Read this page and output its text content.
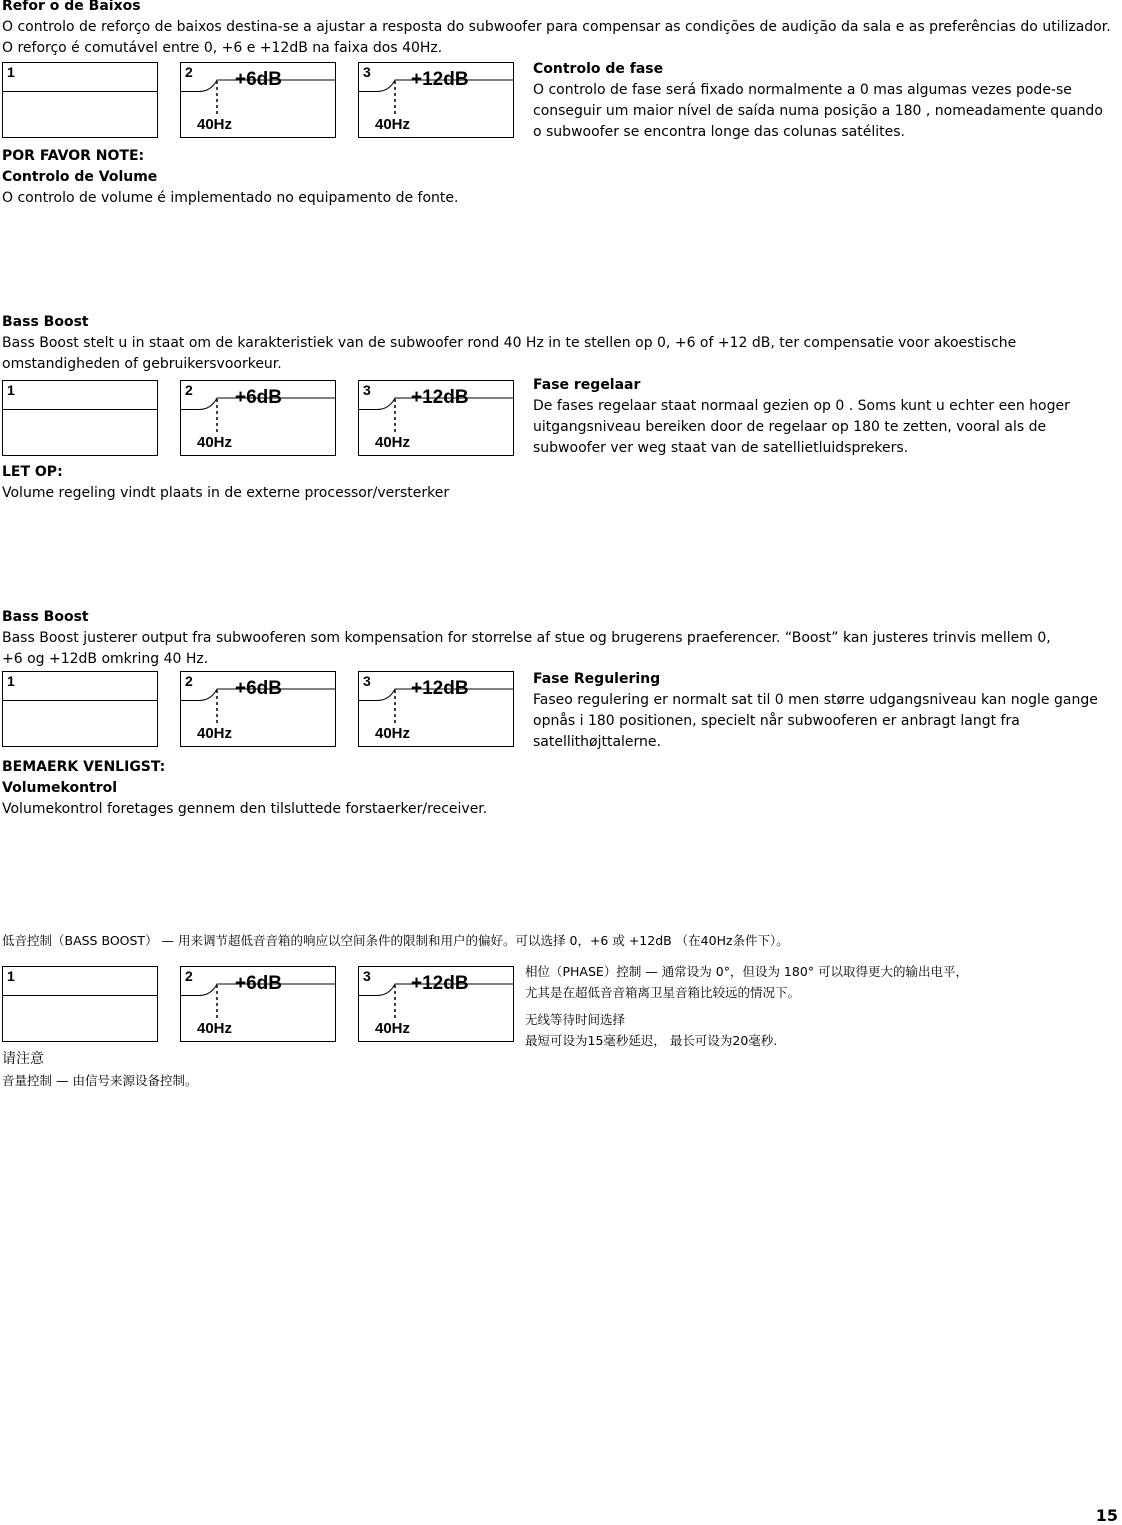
Refor o de Baixos
O controlo de reforço de baixos destina-se a ajustar a resposta do subwoofer para compensar as condições de audição da sala e as preferências do utilizador. O reforço é comutável entre 0, +6 e +12dB na faixa dos 40Hz.
1	2 +6dB
40Hz
3 +12dB
40Hz
Controlo de fase
O controlo de fase será fixado normalmente a 0 mas algumas vezes pode-se conseguir um maior nível de saída numa posição a 180 , nomeadamente quando o subwoofer se encontra longe das colunas satélites.
POR FAVOR NOTE:
Controlo de Volume
O controlo de volume é implementado no equipamento de fonte.
Bass Boost
Bass Boost stelt u in staat om de karakteristiek van de subwoofer rond 40 Hz in te stellen op 0, +6 of +12 dB, ter compensatie voor akoestische omstandigheden of gebruikersvoorkeur.
1	2 +6dB
40Hz
3 +12dB
40Hz
Fase regelaar
De fases regelaar staat normaal gezien op 0 . Soms kunt u echter een hoger uitgangsniveau bereiken door de regelaar op 180 te zetten, vooral als de subwoofer ver weg staat van de satellietluidsprekers.
LET OP:
Volume regeling vindt plaats in de externe processor/versterker
Bass Boost
Bass Boost justerer output fra subwooferen som kompensation for storrelse af stue og brugerens praeferencer. “Boost” kan justeres trinvis mellem 0,
+6 og +12dB omkring 40 Hz.
1	2 +6dB
40Hz
3 +12dB
40Hz
Fase Regulering
Faseo regulering er normalt sat til 0 men større udgangsniveau kan nogle gange opnås i 180 positionen, specielt når subwooferen er anbragt langt fra satellithøjttalerne.
BEMAERK VENLIGST:
Volumekontrol
Volumekontrol foretages gennem den tilsluttede forstaerker/receiver.
低音控制（BASS BOOST） — 用来调节超低音音箱的响应以空间条件的限制和用户的偏好。可以选择 0，+6 或 +12dB （在40Hz条件下）。
1	2 +6dB
40Hz
3 +12dB
40Hz
相位（PHASE）控制 — 通常设为 0°，但设为 180° 可以取得更大的输出电平，
尤其是在超低音音箱离卫星音箱比较远的情况下。
无线等待时间选择
最短可设为15毫秒延迟， 最长可设为20毫秒.
请注意
音量控制 — 由信号来源设备控制。
15
